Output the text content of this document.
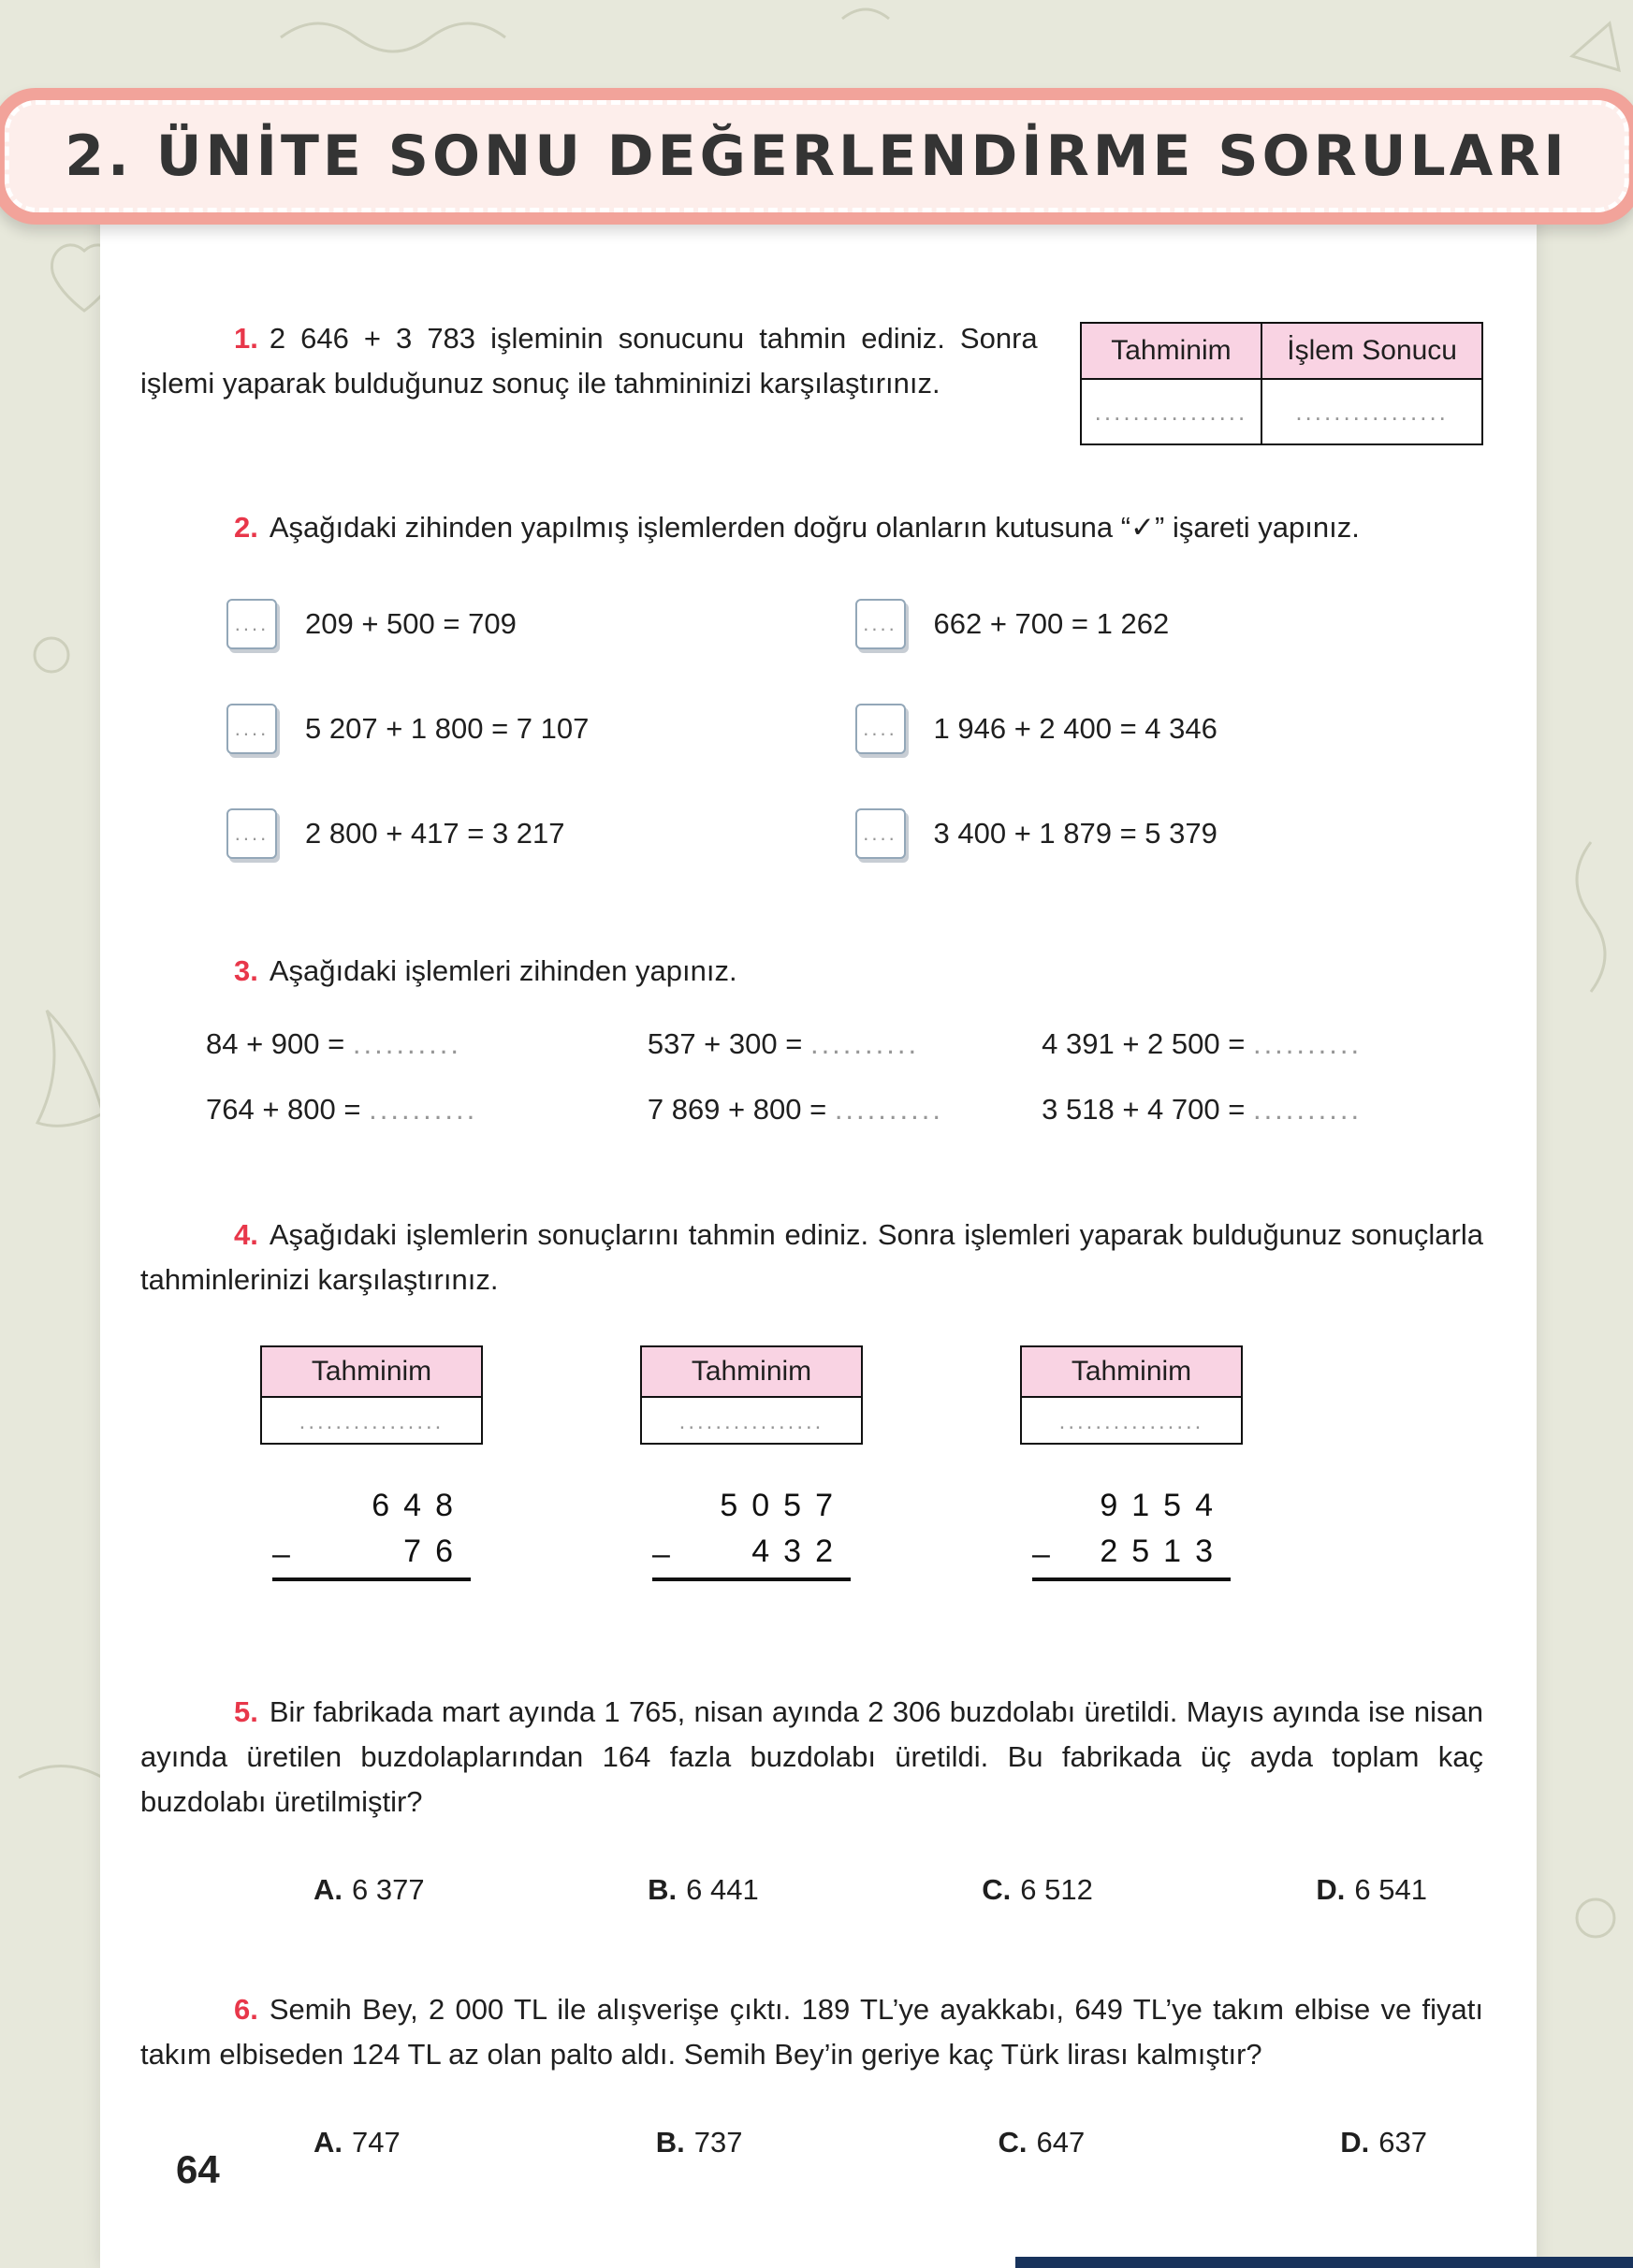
2. ÜNİTE SONU DEĞERLENDİRME SORULARI

1. 2 646 + 3 783 işleminin sonucunu tahmin ediniz. Sonra işlemi yaparak bulduğunuz sonuç ile tahmininizi karşılaştırınız.

Tahminim	İşlem Sonucu
................	................

2. Aşağıdaki zihinden yapılmış işlemlerden doğru olanların kutusuna “✓” işareti yapınız.

.... 209 + 500 = 709	.... 662 + 700 = 1 262
.... 5 207 + 1 800 = 7 107	.... 1 946 + 2 400 = 4 346
.... 2 800 + 417 = 3 217	.... 3 400 + 1 879 = 5 379

3. Aşağıdaki işlemleri zihinden yapınız.

84 + 900 = ..........	537 + 300 = ..........	4 391 + 2 500 = ..........
764 + 800 = ..........	7 869 + 800 = ..........	3 518 + 4 700 = ..........

4. Aşağıdaki işlemlerin sonuçlarını tahmin ediniz. Sonra işlemleri yaparak bulduğunuz sonuçlarla tahminlerinizi karşılaştırınız.

Tahminim
................
648
–	76
Tahminim
................
5057
–	432
Tahminim
................
9154
– 2513

5. Bir fabrikada mart ayında 1 765, nisan ayında 2 306 buzdolabı üretildi. Mayıs ayında ise nisan ayında üretilen buzdolaplarından 164 fazla buzdolabı üretildi. Bu fabrikada üç ayda toplam kaç buzdolabı üretilmiştir?

A. 6 377	B. 6 441	C. 6 512	D. 6 541

6. Semih Bey, 2 000 TL ile alışverişe çıktı. 189 TL’ye ayakkabı, 649 TL’ye takım elbise ve fiyatı takım elbiseden 124 TL az olan palto aldı. Semih Bey’in geriye kaç Türk lirası kalmıştır?

A. 747	B. 737	C. 647	D. 637
64
